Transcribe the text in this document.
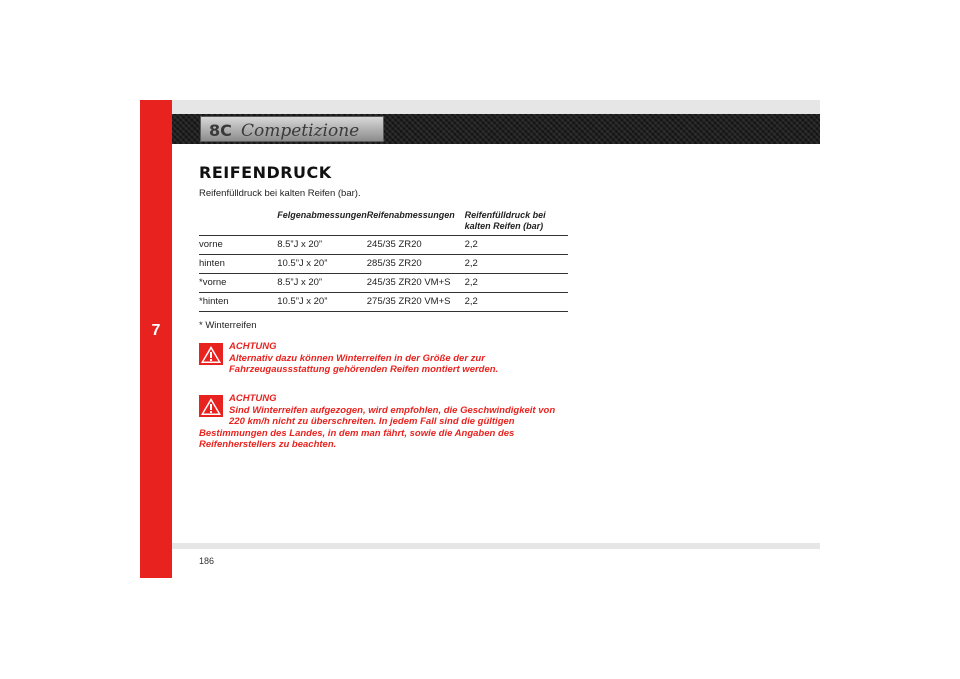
7
8C Competizione
REIFENDRUCK
Reifenfülldruck bei kalten Reifen (bar).
	Felgenabmessungen	Reifenabmessungen	Reifenfülldruck bei kalten Reifen (bar)
vorne	8.5”J x 20”	245/35 ZR20	2,2
hinten	10.5”J x 20”	285/35 ZR20	2,2
*vorne	8.5”J x 20”	245/35 ZR20 VM+S	2,2
*hinten	10.5”J x 20”	275/35 ZR20 VM+S	2,2
* Winterreifen
ACHTUNG
Alternativ dazu können Winterreifen in der Größe der zur Fahrzeugaussstattung gehörenden Reifen montiert werden.
ACHTUNG
Sind Winterreifen aufgezogen, wird empfohlen, die Geschwindigkeit von 220 km/h nicht zu überschreiten. In jedem Fall sind die gültigen Bestimmungen des Landes, in dem man fährt, sowie die Angaben des Reifenherstellers zu beachten.
186
